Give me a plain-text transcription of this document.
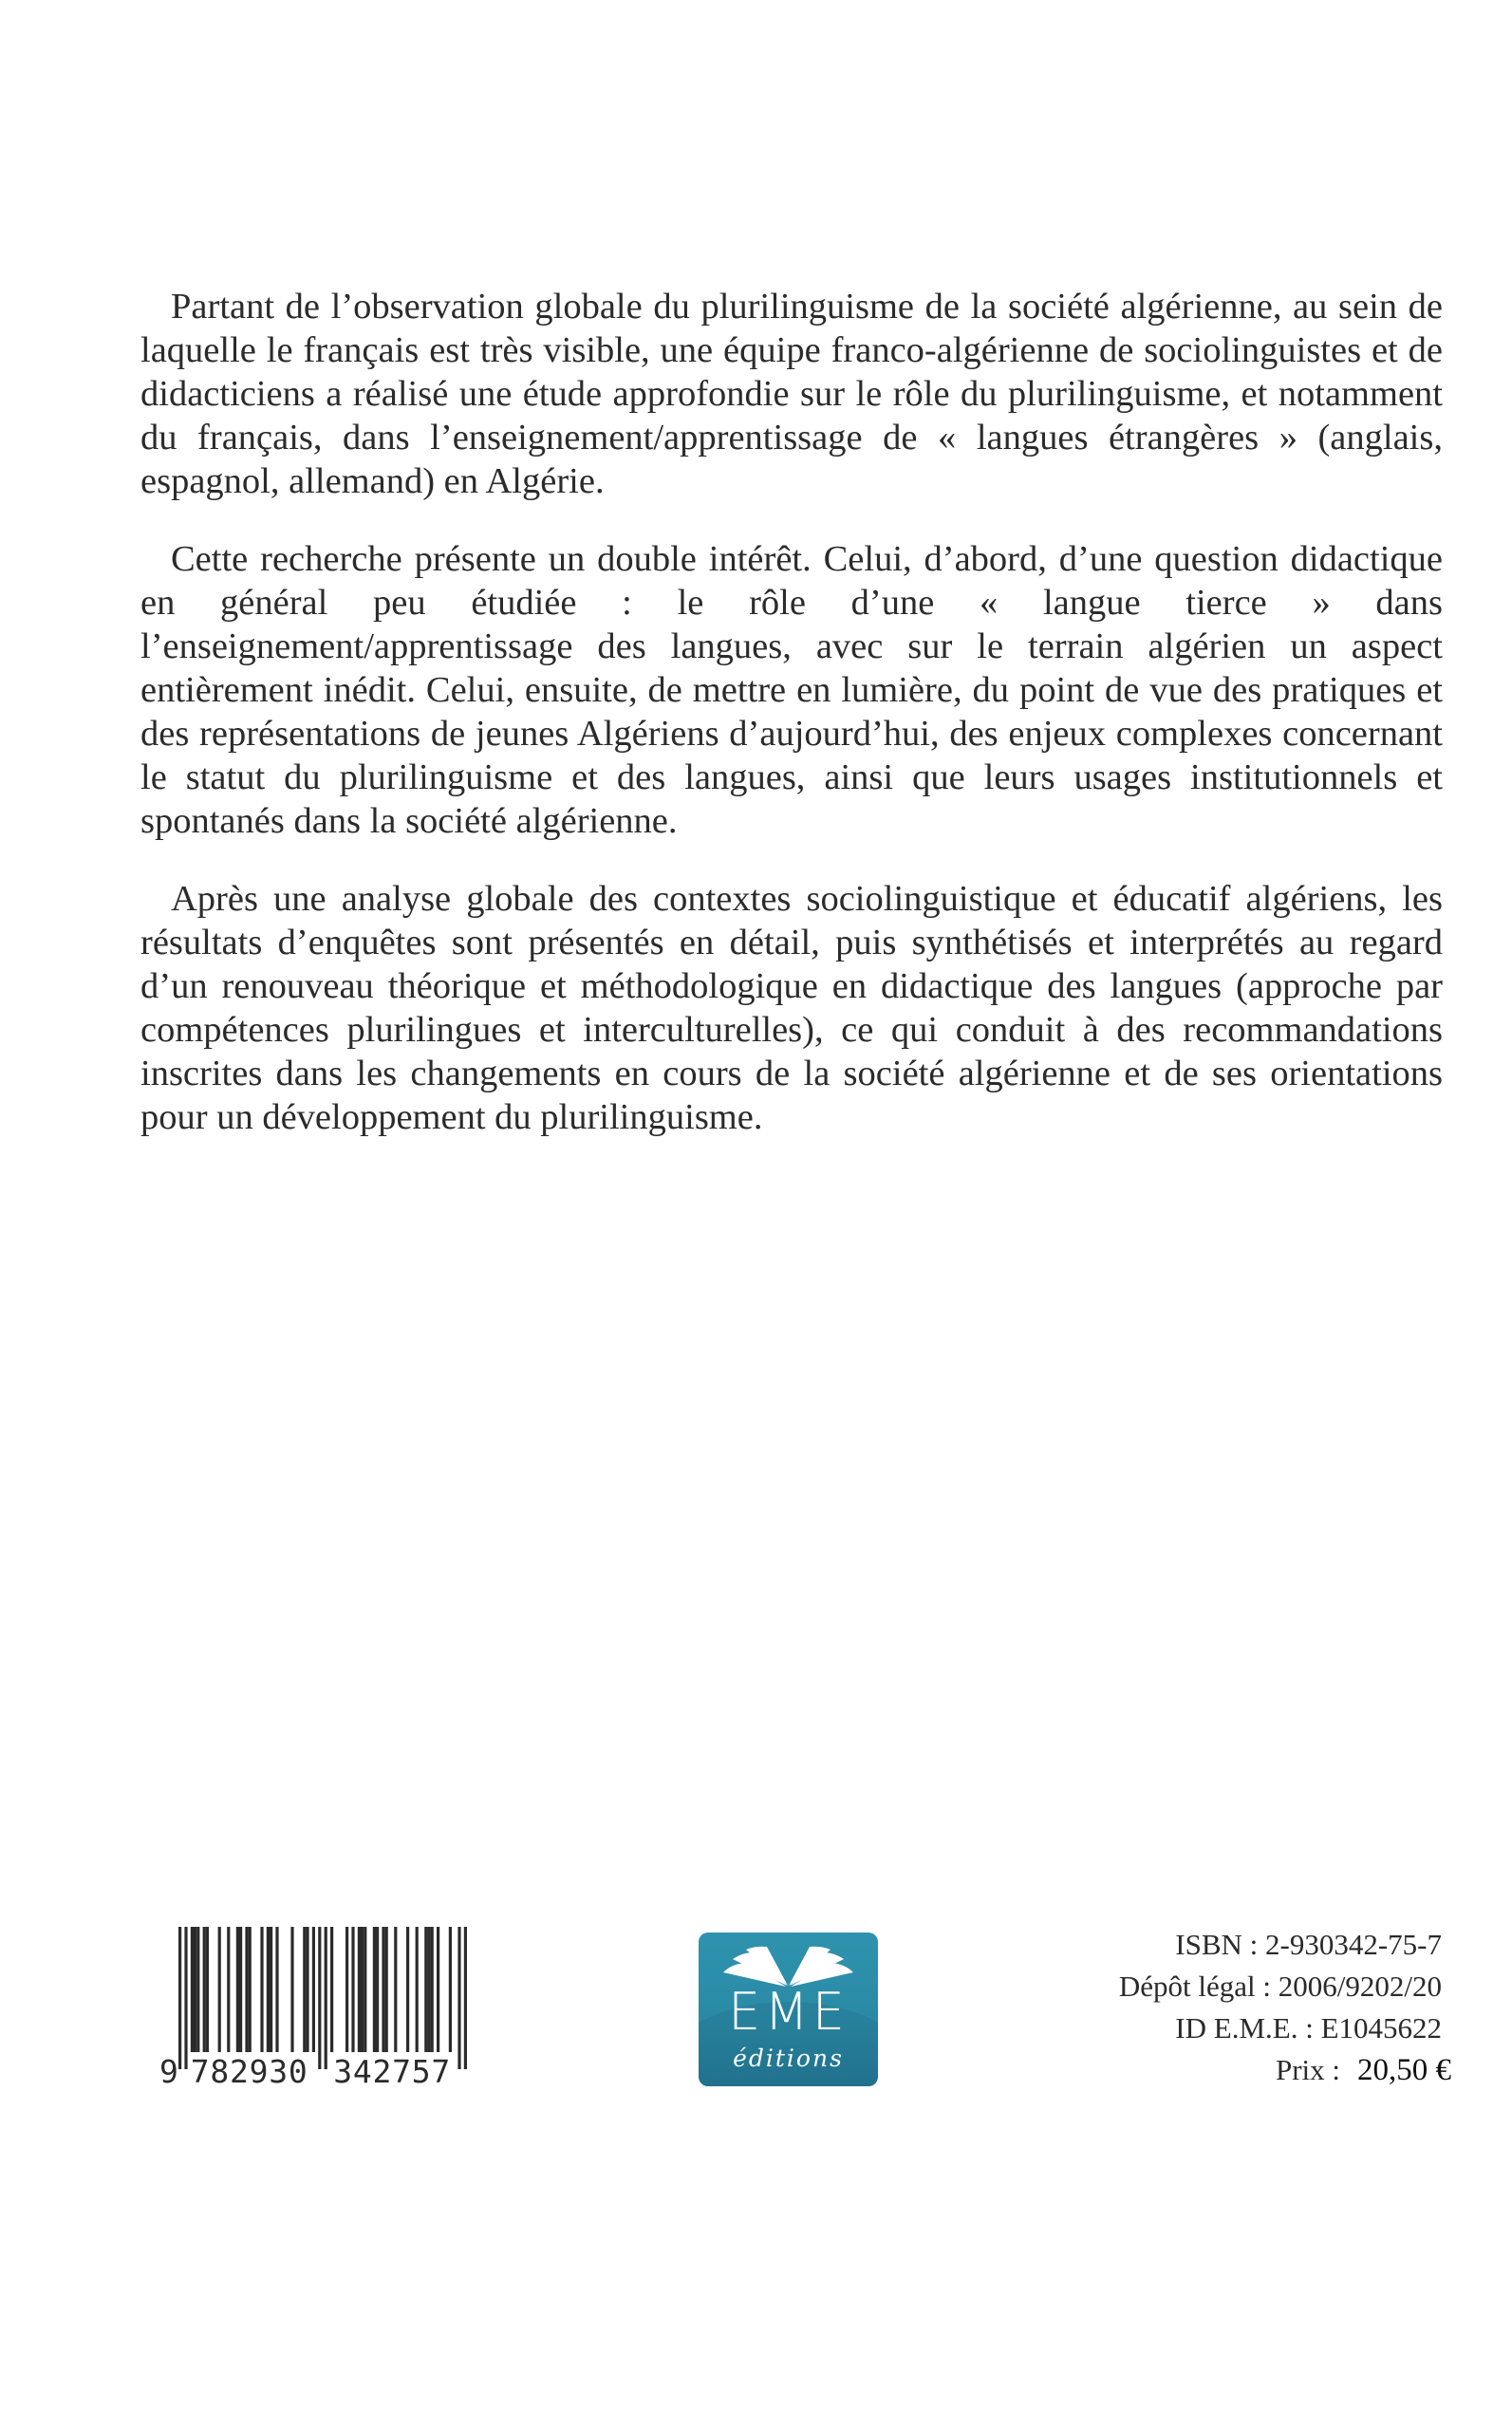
Partant de l’observation globale du plurilinguisme de la société algérienne, au sein de laquelle le français est très visible, une équipe franco-algérienne de sociolinguistes et de didacticiens a réalisé une étude approfondie sur le rôle du plurilinguisme, et notamment du français, dans l’enseignement/apprentissage de « langues étrangères » (anglais, espagnol, allemand) en Algérie.

Cette recherche présente un double intérêt. Celui, d’abord, d’une question didactique en général peu étudiée : le rôle d’une « langue tierce » dans l’enseignement/apprentissage des langues, avec sur le terrain algérien un aspect entièrement inédit. Celui, ensuite, de mettre en lumière, du point de vue des pratiques et des représentations de jeunes Algériens d’aujourd’hui, des enjeux complexes concernant le statut du plurilinguisme et des langues, ainsi que leurs usages institutionnels et spontanés dans la société algérienne.

Après une analyse globale des contextes sociolinguistique et éducatif algériens, les résultats d’enquêtes sont présentés en détail, puis synthétisés et interprétés au regard d’un renouveau théorique et méthodologique en didactique des langues (approche par compétences plurilingues et interculturelles), ce qui conduit à des recommandations inscrites dans les changements en cours de la société algérienne et de ses orientations pour un développement du plurilinguisme.

9 782930 342757
EME
éditions
ISBN : 2-930342-75-7
Dépôt légal : 2006/9202/20
ID E.M.E. : E1045622
Prix : 20,50 €
